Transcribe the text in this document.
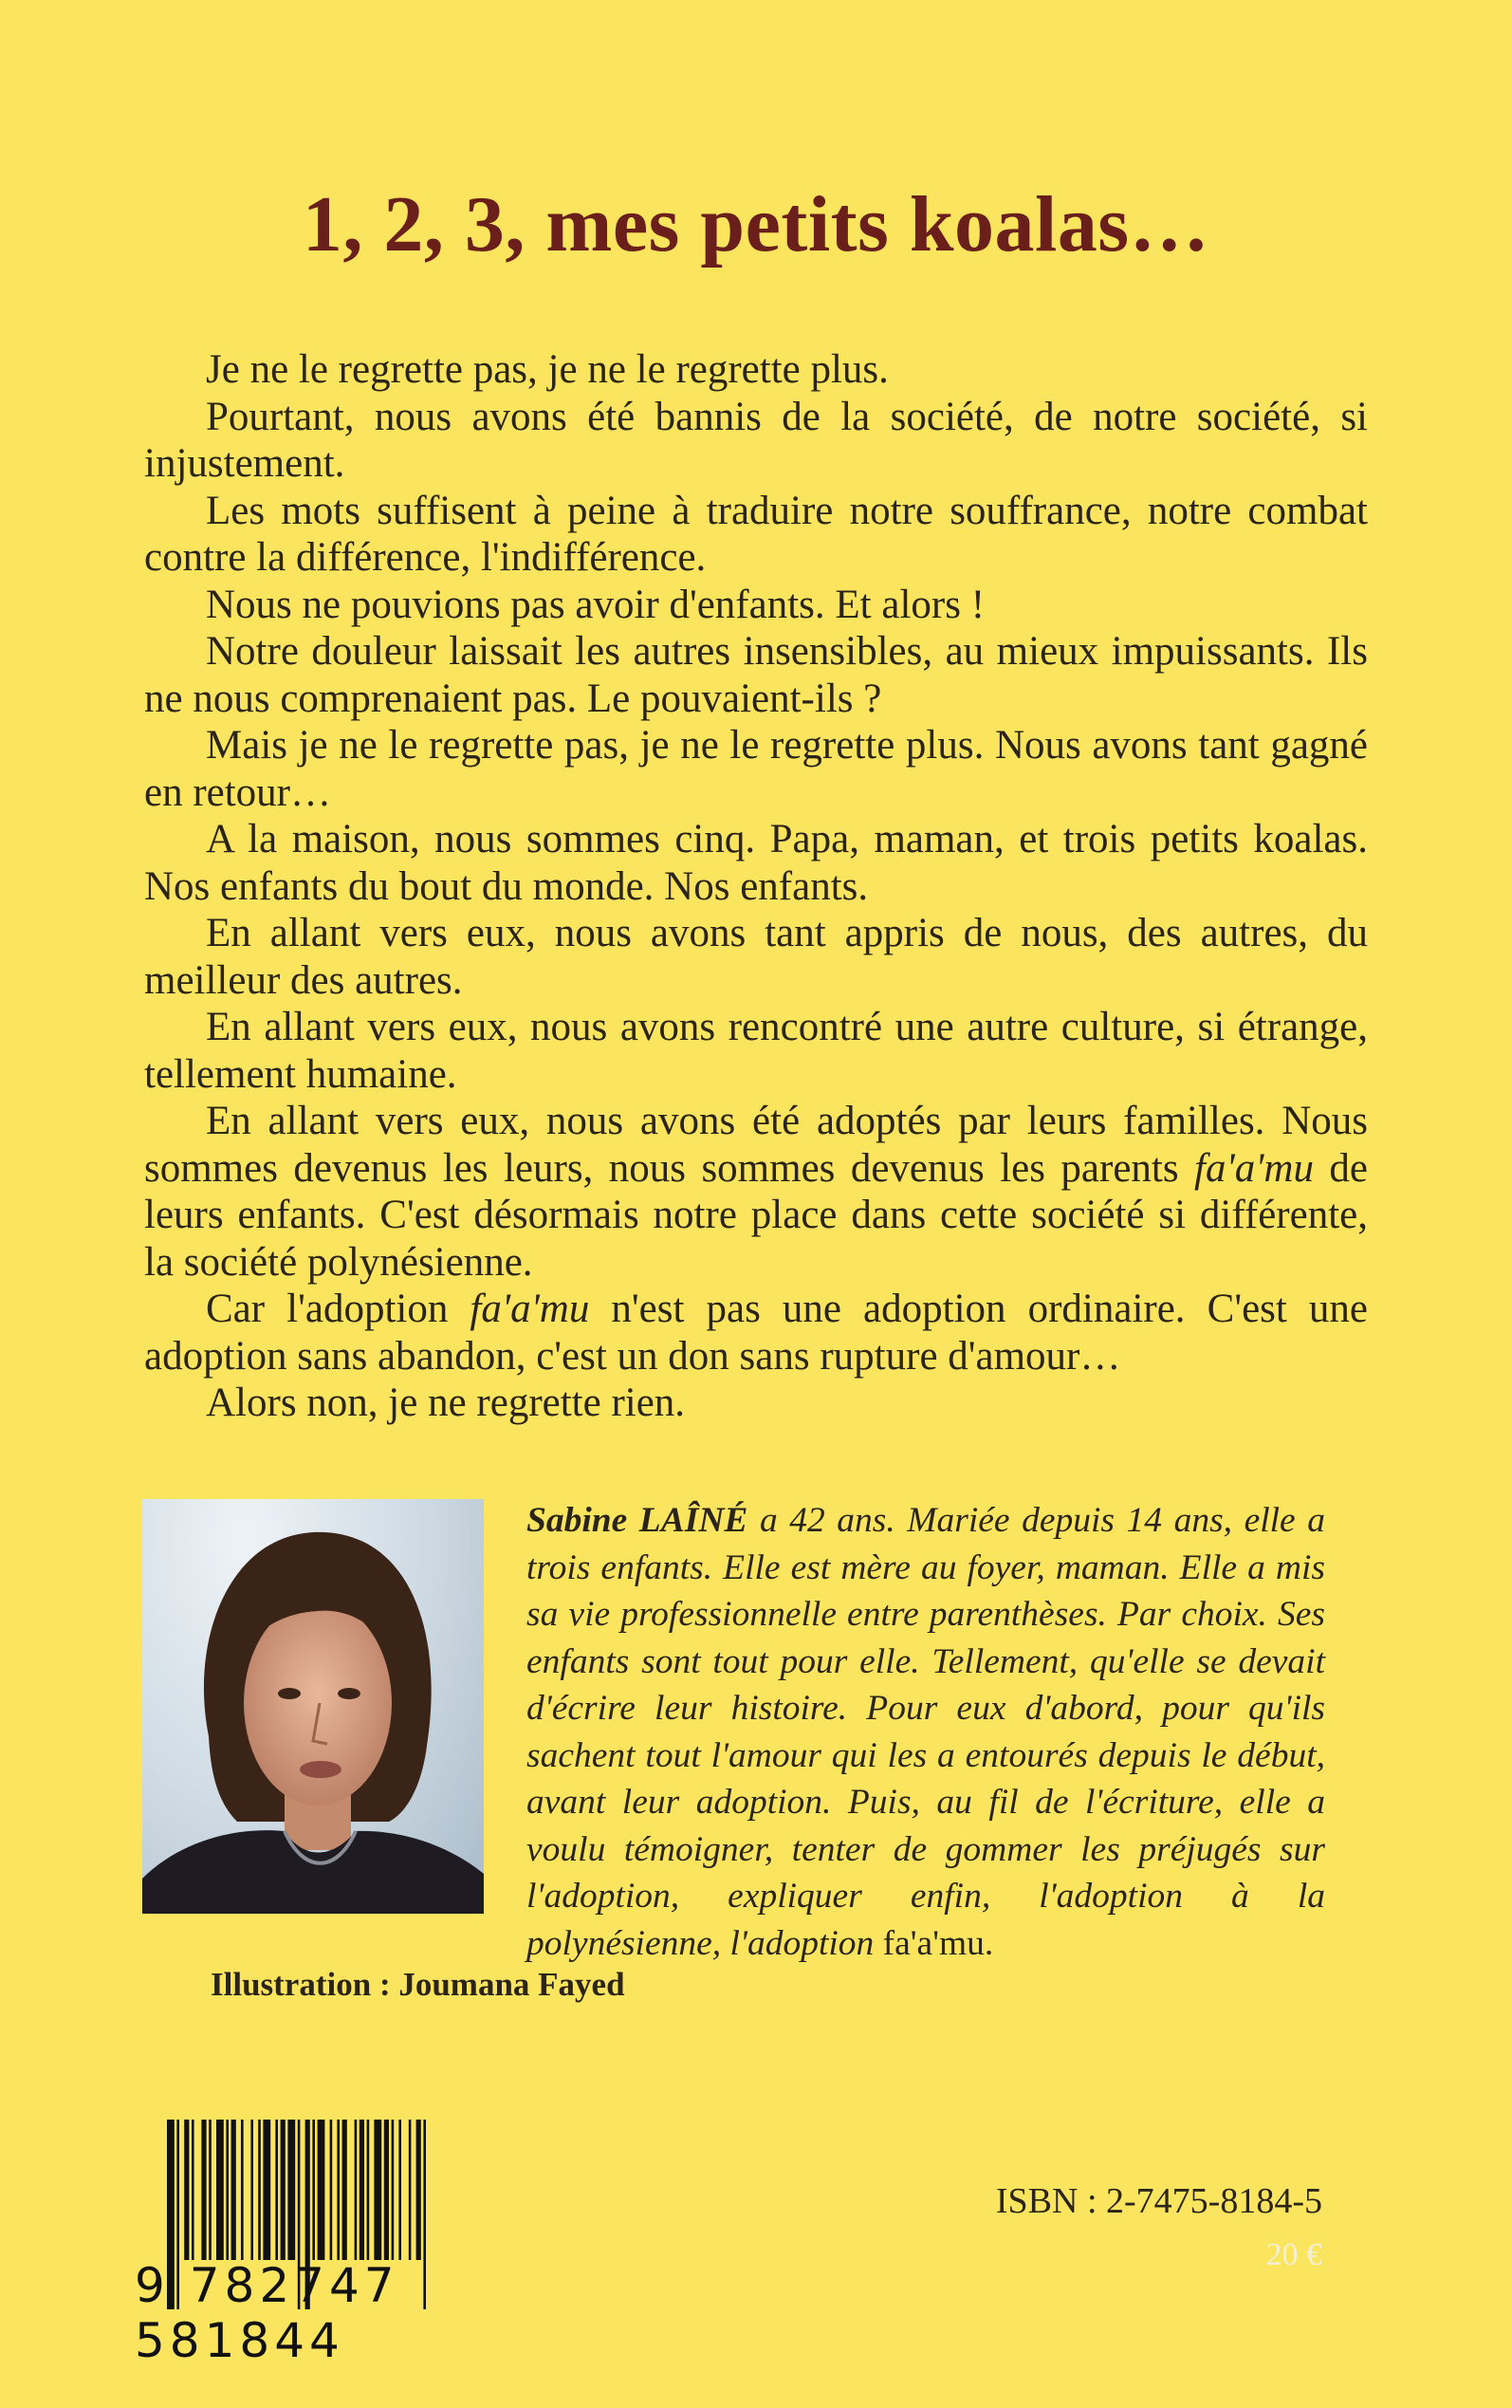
1, 2, 3, mes petits koalas…

Je ne le regrette pas, je ne le regrette plus.

Pourtant, nous avons été bannis de la société, de notre société, si injustement.

Les mots suffisent à peine à traduire notre souffrance, notre combat contre la différence, l'indifférence.

Nous ne pouvions pas avoir d'enfants. Et alors !

Notre douleur laissait les autres insensibles, au mieux impuissants. Ils ne nous comprenaient pas. Le pouvaient-ils ?

Mais je ne le regrette pas, je ne le regrette plus. Nous avons tant gagné en retour…

A la maison, nous sommes cinq. Papa, maman, et trois petits koalas. Nos enfants du bout du monde. Nos enfants.

En allant vers eux, nous avons tant appris de nous, des autres, du meilleur des autres.

En allant vers eux, nous avons rencontré une autre culture, si étrange, tellement humaine.

En allant vers eux, nous avons été adoptés par leurs familles. Nous sommes devenus les leurs, nous sommes devenus les parents fa'a'mu de leurs enfants. C'est désormais notre place dans cette société si différente, la société polynésienne.

Car l'adoption fa'a'mu n'est pas une adoption ordinaire. C'est une adoption sans abandon, c'est un don sans rupture d'amour…

Alors non, je ne regrette rien.

Sabine LAÎNÉ a 42 ans. Mariée depuis 14 ans, elle a trois enfants. Elle est mère au foyer, maman. Elle a mis sa vie professionnelle entre parenthèses. Par choix. Ses enfants sont tout pour elle. Tellement, qu'elle se devait d'écrire leur histoire. Pour eux d'abord, pour qu'ils sachent tout l'amour qui les a entourés depuis le début, avant leur adoption. Puis, au fil de l'écriture, elle a voulu témoigner, tenter de gommer les préjugés sur l'adoption, expliquer enfin, l'adoption à la polynésienne, l'adoption fa'a'mu.
Illustration : Joumana Fayed
9 782747 581844
ISBN : 2-7475-8184-5
20 €
